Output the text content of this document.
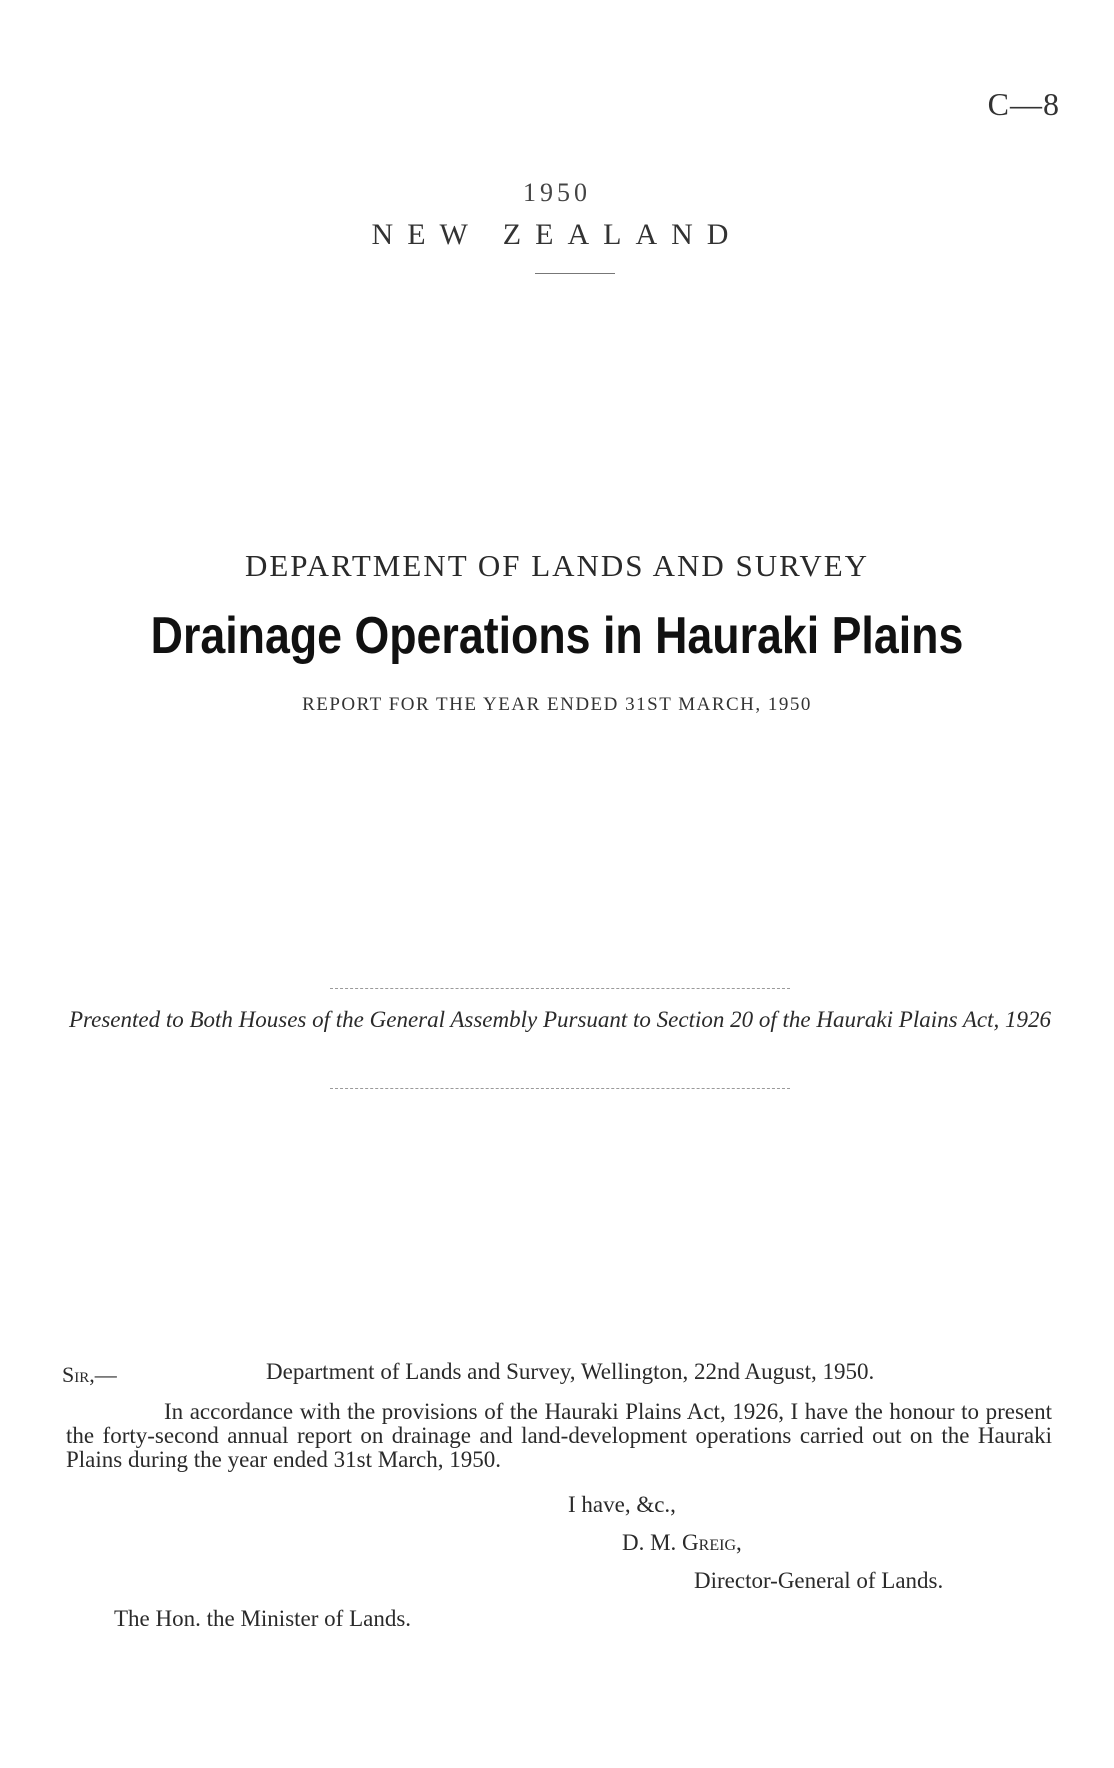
C—8
1950
NEW ZEALAND
DEPARTMENT OF LANDS AND SURVEY
Drainage Operations in Hauraki Plains
REPORT FOR THE YEAR ENDED 31ST MARCH, 1950
Presented to Both Houses of the General Assembly Pursuant to Section 20 of the Hauraki Plains Act, 1926
Sir,—	Department of Lands and Survey, Wellington, 22nd August, 1950.
In accordance with the provisions of the Hauraki Plains Act, 1926, I have the honour to present the forty-second annual report on drainage and land-development operations carried out on the Hauraki Plains during the year ended 31st March, 1950.
I have, &c.,
D. M. Greig,
Director-General of Lands.
The Hon. the Minister of Lands.
